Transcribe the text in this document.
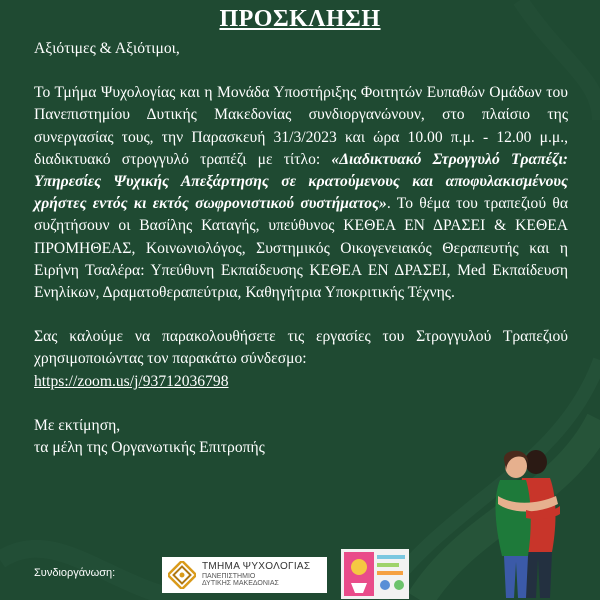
ΠΡΟΣΚΛΗΣΗ

Αξιότιμες & Αξιότιμοι,

Το Τμήμα Ψυχολογίας και η Μονάδα Υποστήριξης Φοιτητών Ευπαθών Ομάδων του Πανεπιστημίου Δυτικής Μακεδονίας συνδιοργανώνουν, στο πλαίσιο της συνεργασίας τους, την Παρασκευή 31/3/2023 και ώρα 10.00 π.μ. - 12.00 μ.μ., διαδικτυακό στρογγυλό τραπέζι με τίτλο: «Διαδικτυακό Στρογγυλό Τραπέζι: Υπηρεσίες Ψυχικής Απεξάρτησης σε κρατούμενους και αποφυλακισμένους χρήστες εντός κι εκτός σωφρονιστικού συστήματος». Το θέμα του τραπεζιού θα συζητήσουν οι Βασίλης Καταγής, υπεύθυνος ΚΕΘΕΑ ΕΝ ΔΡΑΣΕΙ & ΚΕΘΕΑ ΠΡΟΜΗΘΕΑΣ, Κοινωνιολόγος, Συστημικός Οικογενειακός Θεραπευτής και η Ειρήνη Τσαλέρα: Υπεύθυνη Εκπαίδευσης ΚΕΘΕΑ ΕΝ ΔΡΑΣΕΙ, Med Εκπαίδευση Ενηλίκων, Δραματοθεραπεύτρια, Καθηγήτρια Υποκριτικής Τέχνης.

Σας καλούμε να παρακολουθήσετε τις εργασίες του Στρογγυλού Τραπεζιού χρησιμοποιώντας τον παρακάτω σύνδεσμο:

https://zoom.us/j/93712036798

Με εκτίμηση,

τα μέλη της Οργανωτικής Επιτροπής

Συνδιοργάνωση:
ΤΜΗΜΑ ΨΥΧΟΛΟΓΙΑΣ
ΠΑΝΕΠΙΣΤΗΜΙΟ
ΔΥΤΙΚΗΣ ΜΑΚΕΔΟΝΙΑΣ
